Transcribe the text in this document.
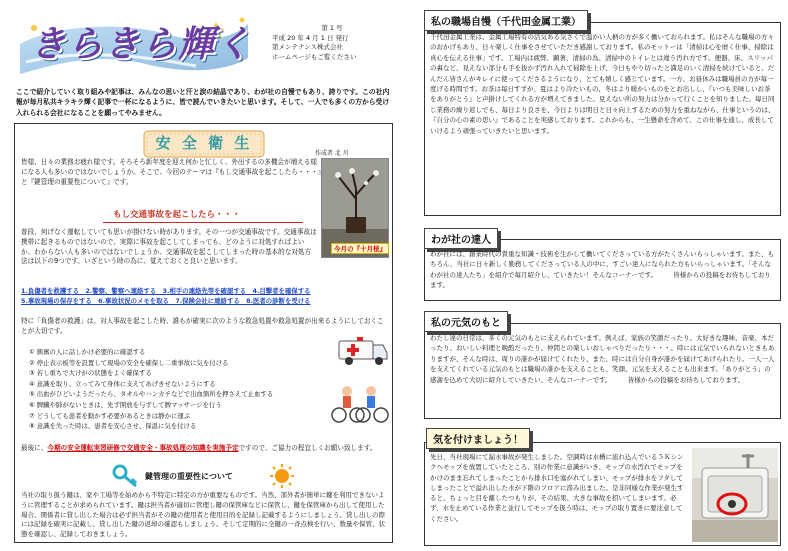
きらきら輝く	第 1 号
平成 20 年 4 月 1 日 発行
第メンテナンス株式会社
ホームページもご覧ください
ここで紹介していく取り組みや記事は、みんなの思いと汗と涙の結晶であり、わが社の自慢でもあり、誇りです。この社内報が毎月私共キラキラ輝く記事で一杯になるように、皆で読んでいきたいと思います。そして、一人でも多くの方から受け入れられる会社になることを願ってやみません。
安 全 衛 生
作成者 北 川
皆様、日々の業務お疲れ様です。そろそろ新年度を迎え何かと忙しく、外出するの多機会が増える様になる人も多いのではないでしょうか。そこで、今回のテーマは『もし交通事故を起こしたら・・・』と『鍵管理の重要性について』です。
今月の『十月桜』
もし交通事故を起こしたら・・・
普段、何げなく運転していても思いが掛けない時があります。その一つが交通事故です。交通事故は携帯に起きるものではないので、実際に事故を起こしてしまっても、どのように対処すればよいか、わからない人も多いのではないでしょうか。交通事故を起こしてしまった時の基本的な対処方法は以下の9つです。いざという時の為に、覚えておくと良いと思います。
1.負傷者を救護する　2.警察、警察へ連絡する　3.相手の連絡先等を確認する　4.目撃者を確保する
5.事故現場の保存をする　6.事故状況のメモを取る　7.保険会社に連絡する　8.医者の診断を受ける
特に「負傷者の救護」は、対人事故を起こした時、誰もが確実に次のような救急処置や救急処置が出来るようにしておくことが大切です。
① 興奮の人に話しかけ必要的に確認する
② 停止表示板等を設置して現場の安全を確保し二重事故に気を付ける
③ 若し重ちで大けがの状態をよく確保する
④ 意識を取り、立ってみて身体に支えてあげきせないようにする
⑤ 出血がひどいようだったら、タオルやハンカチなどで出血箇所を押さえて止血する
⑥ 脾臓や肺がないときは、先ず開放を与ずして脾マッサージを行う
⑦ どうしても患者を動かす必要があるときは静かに運ぶ
⑧ 意識を失った時は、患者を安心させ、保温に気を付ける
最後に、今期の安全運転実習研修で交通安全・事故処理の知識を実施予定ですので、ご協力の程宜しくお願い致します。
鍵管理の重要性について
当社の取り扱う鍵は、家や工場等を始めから不特定に特定の方が重要なものです。当然、部外者が簡単に鍵を利用できないように管理することが求められています。鍵は担当者が適切に管理し鍵の保管庫などに保管し、鍵を保管庫から出して使用した場合、関係者に貸し出した場合は必ず担当者がその鍵の使用者と使用目的を記録し記載するようにしましょう。貸し出しの際には記録を確実に記載し、貸し出した鍵の返却の確認もしましょう。そして定期的に全鍵の一斉点検を行い、数量や保管、状態を確認し、記録しておきましょう。
私の職場自慢（千代田金属工業）
千代田金属工業は、金属工場特有の活気ある気さくで温かい人柄の方が多く働いておられます。私はそんな職場の方々のおかげもあり、日々楽しく仕事をさせていただき感謝しております。私のモットーは「清掃は心を磨く仕事、掃除は真心を伝える仕事」です。工場内は疲弊、顕著、清掃の為、清掃中のトイレとは違う汚れ方です。便器、床、スリッパの裏など、見えない部分も手を抜かず汚れ入れて掃除を上げ、今日もやり切ったと満足のいく清掃を続けていると、だんだん皆さんがキレイに使ってくださるようになり、とても嬉しく感じています。一方、お昼休みは職場員の方が毎一度げる時間です。お茶は毎日すずが、夏はより冷たいもの、冬はより暖かいものをとお出しし、『いつも美味しいお茶をありがとう』と声掛けしてくれる方が増えてきました。見えない所の努力は分かって行くことを知りました。毎日同じ業務の繰り返しでも、毎日より良さを、今日よりは明日と日々向上するための努力を重ねながら、仕事というのは、『自分の心の素の思い』であることを実感しております。これからも、一生懸命を含めて、この仕事を通し、成長していけるよう頑張っていきたいと思います。
わが社の達人
わが社には、創業時代の貴重な知識・技術を生かして働いてくださっている方がたくさんいらっしゃいます。また、もちろん、当社に日々新しく勤務してくださっている人の中に、すごい達人になられた方もいらっしゃいます。「そんなわが社の達人たち」を紹介で毎月紹介し、ていきたい！そんなコーナーです。　　　皆様からの投稿をお待ちしております。
私の元気のもと
わたし達の日常は、多くの元気のもとに支えられています。例えば、家族の笑顔だったり、大好きな趣味、音楽、本だったり、おいしい料理と晩酌だったり、仲間との楽しいおしゃべりだったり・・・。時には元気でいられないときもありますが、そんな時は、周りの誰かが届けてくれたり、また、時には自分自身が誰かを届けてあげられたり。一人一人を支えてくれている元気のもとは職場の誰かを支えることも、笑顔、元気を支えることも出来ます。「ありがとう」の感謝を込めて大切に紹介していきたい、そんなコーナーです。　　　皆様からの投稿をお待ちしております。
気を付けましょう！
先日、当社現場にて漏水事故が発生しました。空調時は水槽に流れ込んでいる５Ｋシンクへモップを放置していたところ、別の作業に意識がいき、モップの水汚れでモップをかけのまま忘れてしまったことから排水口を塞がれてしまい、モップが排水をフタしてしまったことで溢れ出した水が下階のフロアに滲み出ました。是非同様な作業が発生すると、ちょっと目を離したつもりが、その結果、大きな事故を招いてしまいます。必ず、水を止めている作業と並行してモップを扱う時は、モップの取り置きに要注意してください。
